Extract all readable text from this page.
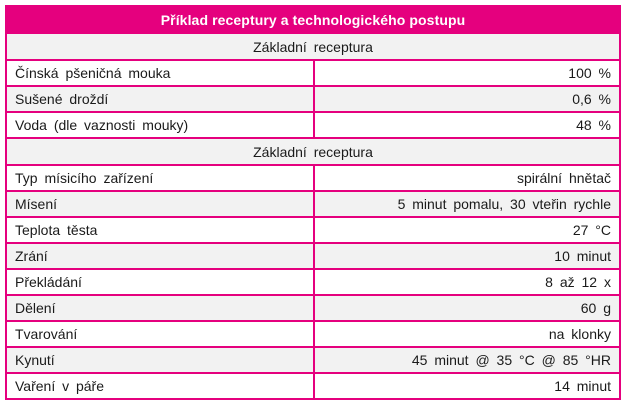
Příklad receptury a technologického postupu
Základní receptura
Čínská pšeničná mouka	100 %
Sušené droždí	0,6 %
Voda (dle vaznosti mouky)	48 %
Základní receptura
Typ mísicího zařízení	spirální hnětač
Mísení	5 minut pomalu, 30 vteřin rychle
Teplota těsta	27 °C
Zrání	10 minut
Překládání	8 až 12 x
Dělení	60 g
Tvarování	na klonky
Kynutí	45 minut @ 35 °C @ 85 °HR
Vaření v páře	14 minut
